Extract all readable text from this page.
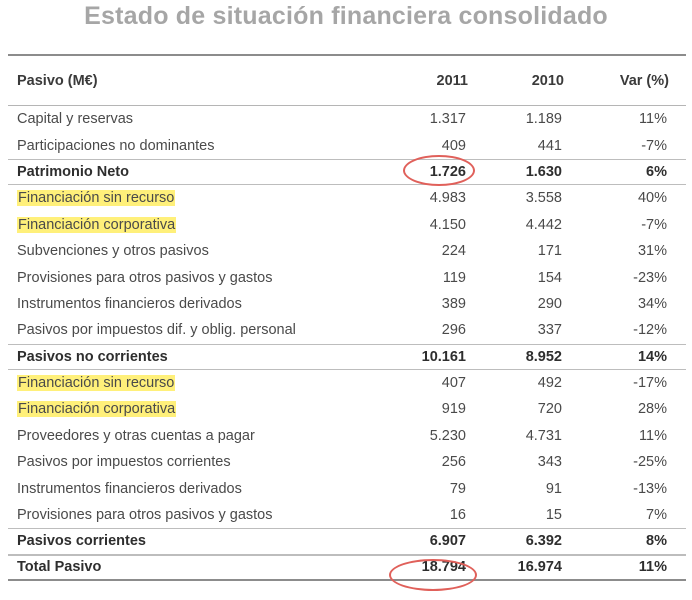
Estado de situación financiera consolidado
Pasivo (M€)	2011	2010	Var (%)
Capital y reservas	1.317	1.189	11%
Participaciones no dominantes	409	441	-7%
Patrimonio Neto	1.726	1.630	6%
Financiación sin recurso	4.983	3.558	40%
Financiación corporativa	4.150	4.442	-7%
Subvenciones y otros pasivos	224	171	31%
Provisiones para otros pasivos y gastos	119	154	-23%
Instrumentos financieros derivados	389	290	34%
Pasivos por impuestos dif. y oblig. personal	296	337	-12%
Pasivos no corrientes	10.161	8.952	14%
Financiación sin recurso	407	492	-17%
Financiación corporativa	919	720	28%
Proveedores y otras cuentas a pagar	5.230	4.731	11%
Pasivos por impuestos corrientes	256	343	-25%
Instrumentos financieros derivados	79	91	-13%
Provisiones para otros pasivos y gastos	16	15	7%
Pasivos corrientes	6.907	6.392	8%
Total Pasivo	18.794	16.974	11%
